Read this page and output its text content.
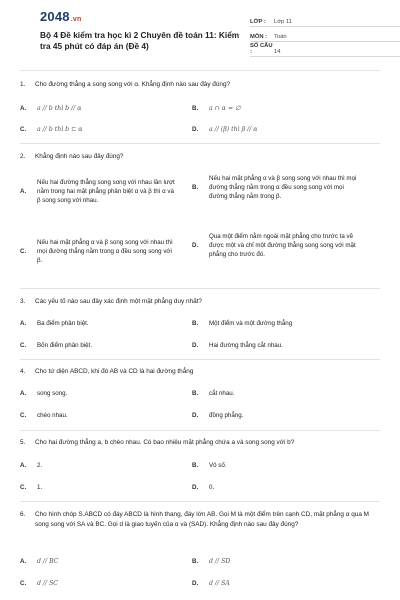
2048.vn
Bộ 4 Đề kiểm tra học kì 2 Chuyên đề toán 11: Kiểm tra 45 phút có đáp án (Đề 4)
LỚP :	Lớp 11
MÔN :	Toán
SỐ CÂU :	14
1.	Cho đường thẳng a song song với α. Khẳng định nào sau đây đúng?
A.	a // b thì b // α	B.	a ∩ α = ∅
C.	a // b thì b ⊂ α	D.	a // (β) thì β // α
2.	Khẳng định nào sau đây đúng?
A.
Nếu hai đường thẳng song song với nhau lần lượt nằm trong hai mặt phẳng phân biệt α và β thì α và β song song với nhau.
B.
Nếu hai mặt phẳng α và β song song với nhau thì mọi đường thẳng nằm trong α đều song song với mọi đường thẳng nằm trong β.
C.
Nếu hai mặt phẳng α và β song song với nhau thì mọi đường thẳng nằm trong α đều song song với β.
D.
Qua một điểm nằm ngoài mặt phẳng cho trước ta vẽ được một và chỉ một đường thẳng song song với mặt phẳng cho trước đó.
3.	Các yếu tố nào sau đây xác định một mặt phẳng duy nhất?
A.	Ba điểm phân biệt.	B.	Một điểm và một đường thẳng
C.	Bốn điểm phân biệt.	D.	Hai đường thẳng cắt nhau.
4.	Cho tứ diện ABCD, khi đó AB và CD là hai đường thẳng
A.	song song.	B.	cắt nhau.
C.	chéo nhau.	D.	đồng phẳng.
5.	Cho hai đường thẳng a, b chéo nhau. Có bao nhiêu mặt phẳng chứa a và song song với b?
A.	2.	B.	Vô số.
C.	1.	D.	0.
6.	Cho hình chóp S.ABCD có đáy ABCD là hình thang, đáy lớn AB. Gọi M là một điểm trên cạnh CD, mặt phẳng α qua M song song với SA và BC. Gọi d là giao tuyến của α và (SAD). Khẳng định nào sau đây đúng?
A.	d // BC	B.	d // SD
C.	d // SC	D.	d // SA
